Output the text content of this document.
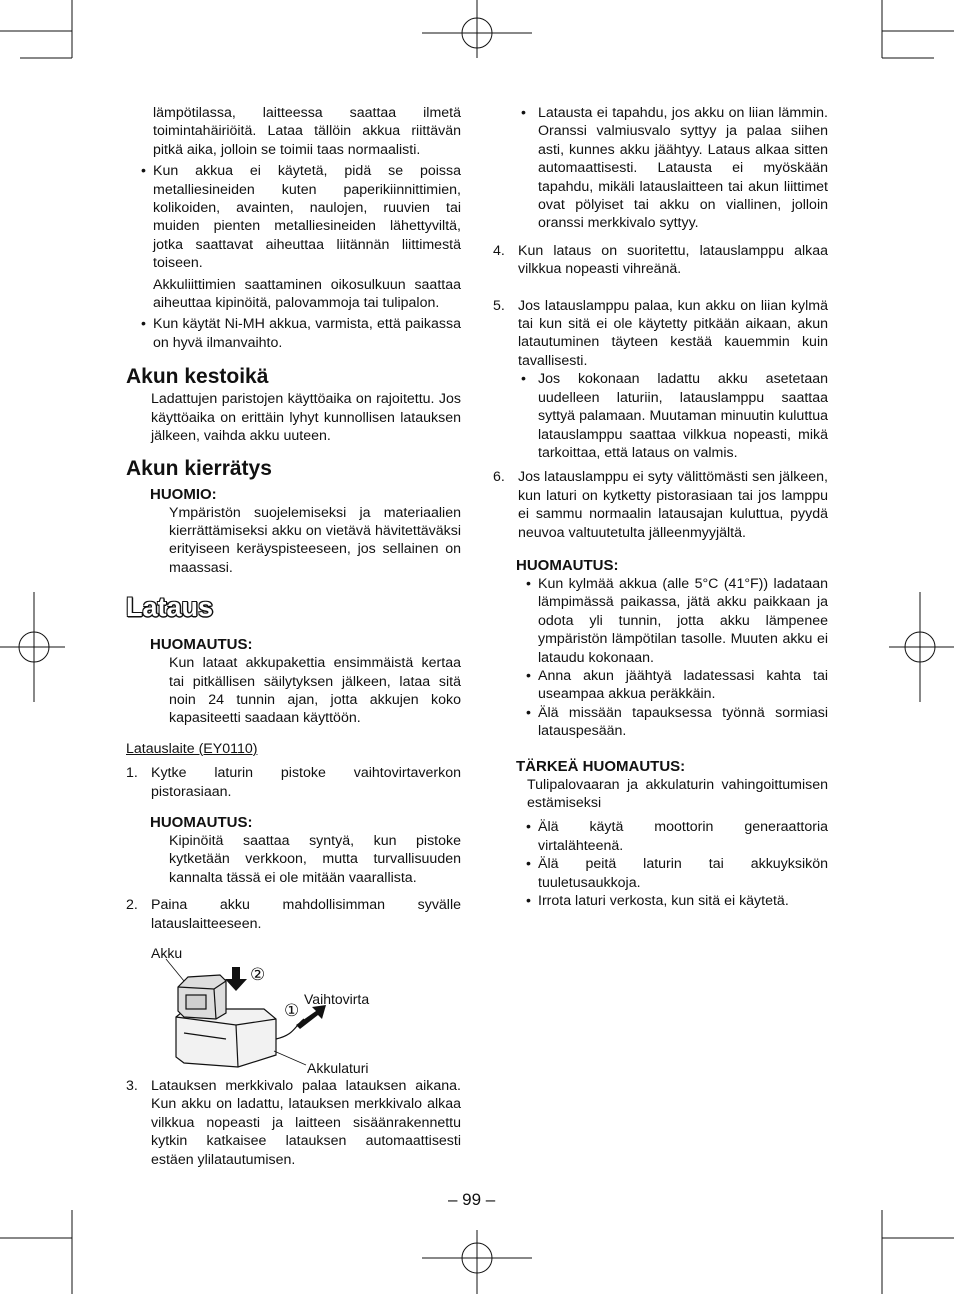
lämpötilassa, laitteessa saattaa ilmetä toimintahäiriöitä. Lataa tällöin akkua riittävän pitkä aika, jolloin se toimii taas normaalisti.

• Kun akkua ei käytetä, pidä se poissa metalliesineiden kuten paperikiinnittimien, kolikoiden, avainten, naulojen, ruuvien tai muiden pienten metalliesineiden lähettyviltä, jotka saattavat aiheuttaa liitännän liittimestä toiseen.

Akkuliittimien saattaminen oikosulkuun saattaa aiheuttaa kipinöitä, palovammoja tai tulipalon.

• Kun käytät Ni-MH akkua, varmista, että paikassa on hyvä ilmanvaihto.

Akun kestoikä

Ladattujen paristojen käyttöaika on rajoitettu. Jos käyttöaika on erittäin lyhyt kunnollisen latauksen jälkeen, vaihda akku uuteen.

Akun kierrätys
HUOMIO:

Ympäristön suojelemiseksi ja materiaalien kierrättämiseksi akku on vietävä hävitettäväksi erityiseen keräyspisteeseen, jos sellainen on maassasi.

Lataus
HUOMAUTUS:

Kun lataat akkupakettia ensimmäistä kertaa tai pitkällisen säilytyksen jälkeen, lataa sitä noin 24 tunnin ajan, jotta akkujen koko kapasiteetti saadaan käyttöön.

Latauslaite (EY0110)
1. Kytke laturin pistoke vaihtovirtaverkon pistorasiaan.

HUOMAUTUS:

Kipinöitä saattaa syntyä, kun pistoke kytketään verkkoon, mutta turvallisuuden kannalta tässä ei ole mitään vaarallista.

2. Paina akku mahdollisimman syvälle latauslaitteeseen.

Akku
Vaihtovirta
Akkulaturi
②
①
3. Latauksen merkkivalo palaa latauksen aikana. Kun akku on ladattu, latauksen merkkivalo alkaa vilkkua nopeasti ja laitteen sisäänrakennettu kytkin katkaisee latauksen automaattisesti estäen ylilatautumisen.

• Latausta ei tapahdu, jos akku on liian lämmin. Oranssi valmiusvalo syttyy ja palaa siihen asti, kunnes akku jäähtyy. Lataus alkaa sitten automaattisesti. Latausta ei myöskään tapahdu, mikäli latauslaitteen tai akun liittimet ovat pölyiset tai akku on viallinen, jolloin oranssi merkkivalo syttyy.

4. Kun lataus on suoritettu, latauslamppu alkaa vilkkua nopeasti vihreänä.

5. Jos latauslamppu palaa, kun akku on liian kylmä tai kun sitä ei ole käytetty pitkään aikaan, akun latautuminen täyteen kestää kauemmin kuin tavallisesti.

• Jos kokonaan ladattu akku asetetaan uudelleen laturiin, latauslamppu saattaa syttyä palamaan. Muutaman minuutin kuluttua latauslamppu saattaa vilkkua nopeasti, mikä tarkoittaa, että lataus on valmis.

6. Jos latauslamppu ei syty välittömästi sen jälkeen, kun laturi on kytketty pistorasiaan tai jos lamppu ei sammu normaalin latausajan kuluttua, pyydä neuvoa valtuutetulta jälleenmyyjältä.

HUOMAUTUS:
• Kun kylmää akkua (alle 5°C (41°F)) ladataan lämpimässä paikassa, jätä akku paikkaan ja odota yli tunnin, jotta akku lämpenee ympäristön lämpötilan tasolle. Muuten akku ei lataudu kokonaan.

• Anna akun jäähtyä ladatessasi kahta tai useampaa akkua peräkkäin.

• Älä missään tapauksessa työnnä sormiasi latauspesään.

TÄRKEÄ HUOMAUTUS:

Tulipalovaaran ja akkulaturin vahingoittumisen estämiseksi

• Älä käytä moottorin generaattoria virtalähteenä.

• Älä peitä laturin tai akkuyksikön tuuletusaukkoja.

• Irrota laturi verkosta, kun sitä ei käytetä.

– 99 –
